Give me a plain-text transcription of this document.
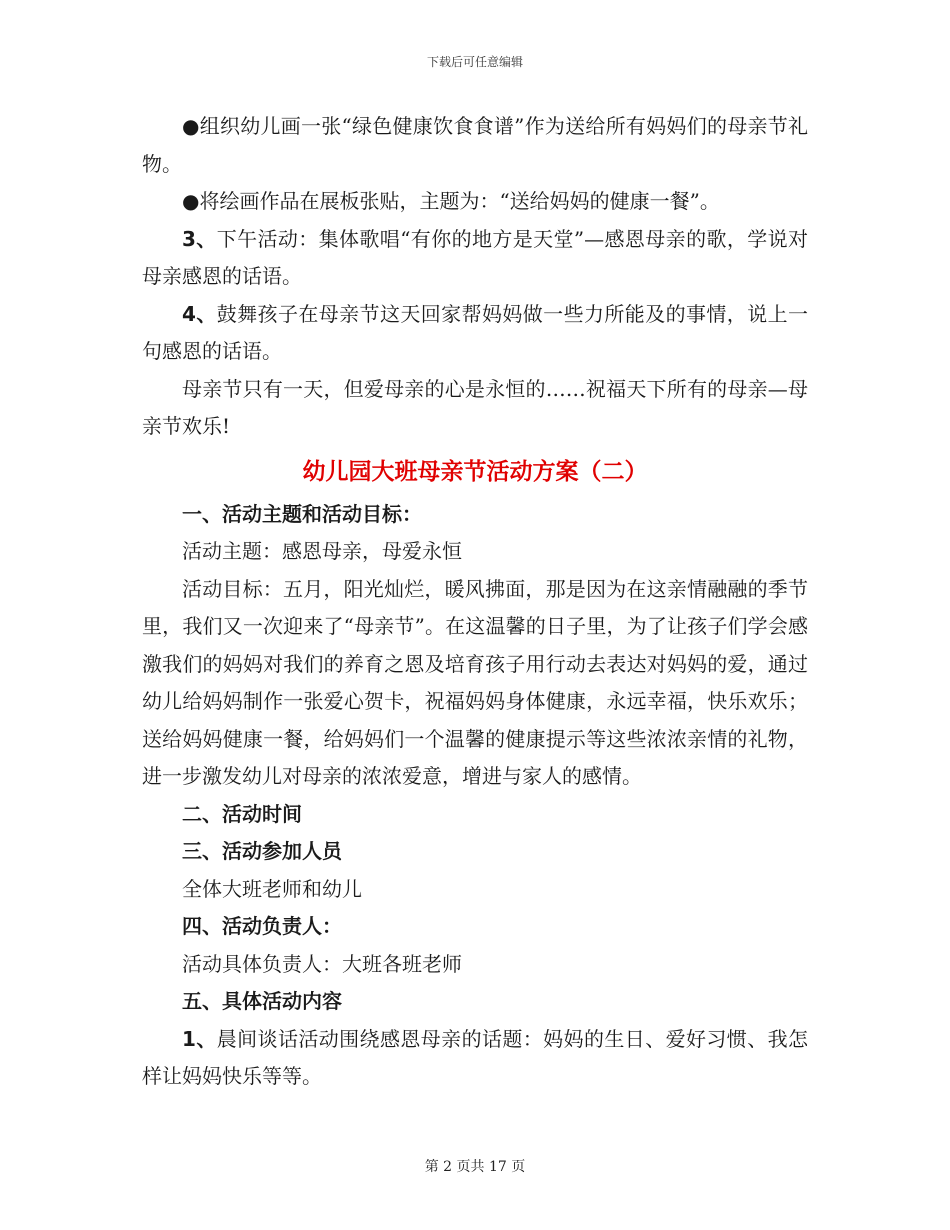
下载后可任意编辑

●组织幼儿画一张“绿色健康饮食食谱”作为送给所有妈妈们的母亲节礼物。

●将绘画作品在展板张贴，主题为：“送给妈妈的健康一餐”。

3、下午活动：集体歌唱“有你的地方是天堂”—感恩母亲的歌，学说对母亲感恩的话语。

4、鼓舞孩子在母亲节这天回家帮妈妈做一些力所能及的事情，说上一句感恩的话语。

母亲节只有一天，但爱母亲的心是永恒的……祝福天下所有的母亲—母亲节欢乐!

幼儿园大班母亲节活动方案（二）

一、活动主题和活动目标：

活动主题：感恩母亲，母爱永恒

活动目标：五月，阳光灿烂，暖风拂面，那是因为在这亲情融融的季节里，我们又一次迎来了“母亲节”。在这温馨的日子里，为了让孩子们学会感激我们的妈妈对我们的养育之恩及培育孩子用行动去表达对妈妈的爱，通过幼儿给妈妈制作一张爱心贺卡，祝福妈妈身体健康，永远幸福，快乐欢乐；送给妈妈健康一餐，给妈妈们一个温馨的健康提示等这些浓浓亲情的礼物，进一步激发幼儿对母亲的浓浓爱意，增进与家人的感情。

二、活动时间

三、活动参加人员

全体大班老师和幼儿

四、活动负责人：

活动具体负责人：大班各班老师

五、具体活动内容

1、晨间谈话活动围绕感恩母亲的话题：妈妈的生日、爱好习惯、我怎样让妈妈快乐等等。

第 2 页共 17 页
